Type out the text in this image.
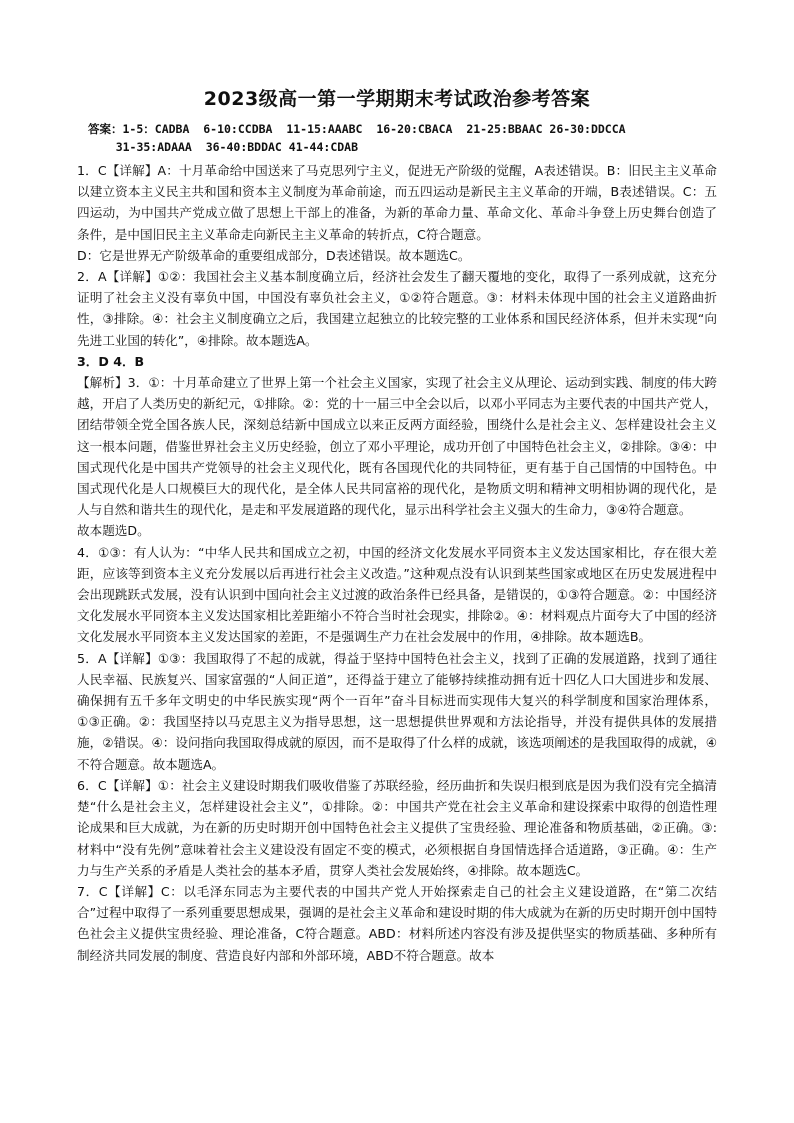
2023级高一第一学期期末考试政治参考答案
答案：1-5：CADBA  6-10:CCDBA  11-15:AAABC  16-20:CBACA  21-25:BBAAC 26-30:DDCCA
31-35:ADAAA  36-40:BDDAC 41-44:CDAB

1．C【详解】A：十月革命给中国送来了马克思列宁主义，促进无产阶级的觉醒，A表述错误。B：旧民主主义革命以建立资本主义民主共和国和资本主义制度为革命前途，而五四运动是新民主主义革命的开端，B表述错误。C：五四运动，为中国共产党成立做了思想上干部上的准备，为新的革命力量、革命文化、革命斗争登上历史舞台创造了条件，是中国旧民主主义革命走向新民主主义革命的转折点，C符合题意。

D：它是世界无产阶级革命的重要组成部分，D表述错误。故本题选C。

2．A【详解】①②：我国社会主义基本制度确立后，经济社会发生了翻天覆地的变化，取得了一系列成就，这充分证明了社会主义没有辜负中国，中国没有辜负社会主义，①②符合题意。③：材料未体现中国的社会主义道路曲折性，③排除。④：社会主义制度确立之后，我国建立起独立的比较完整的工业体系和国民经济体系，但并未实现“向先进工业国的转化”，④排除。故本题选A。

3．D 4．B

【解析】3．①：十月革命建立了世界上第一个社会主义国家，实现了社会主义从理论、运动到实践、制度的伟大跨越，开启了人类历史的新纪元，①排除。②：党的十一届三中全会以后，以邓小平同志为主要代表的中国共产党人，团结带领全党全国各族人民，深刻总结新中国成立以来正反两方面经验，围绕什么是社会主义、怎样建设社会主义这一根本问题，借鉴世界社会主义历史经验，创立了邓小平理论，成功开创了中国特色社会主义，②排除。③④：中国式现代化是中国共产党领导的社会主义现代化，既有各国现代化的共同特征，更有基于自己国情的中国特色。中国式现代化是人口规模巨大的现代化，是全体人民共同富裕的现代化，是物质文明和精神文明相协调的现代化，是人与自然和谐共生的现代化，是走和平发展道路的现代化，显示出科学社会主义强大的生命力，③④符合题意。

故本题选D。

4．①③：有人认为：“中华人民共和国成立之初，中国的经济文化发展水平同资本主义发达国家相比，存在很大差距，应该等到资本主义充分发展以后再进行社会主义改造。”这种观点没有认识到某些国家或地区在历史发展进程中会出现跳跃式发展，没有认识到中国向社会主义过渡的政治条件已经具备，是错误的，①③符合题意。②：中国经济文化发展水平同资本主义发达国家相比差距缩小不符合当时社会现实，排除②。④：材料观点片面夸大了中国的经济文化发展水平同资本主义发达国家的差距，不是强调生产力在社会发展中的作用，④排除。故本题选B。

5．A【详解】①③：我国取得了不起的成就，得益于坚持中国特色社会主义，找到了正确的发展道路，找到了通往人民幸福、民族复兴、国家富强的“人间正道”，还得益于建立了能够持续推动拥有近十四亿人口大国进步和发展、确保拥有五千多年文明史的中华民族实现“两个一百年”奋斗目标进而实现伟大复兴的科学制度和国家治理体系，①③正确。②：我国坚持以马克思主义为指导思想，这一思想提供世界观和方法论指导，并没有提供具体的发展措施，②错误。④：设问指向我国取得成就的原因，而不是取得了什么样的成就，该选项阐述的是我国取得的成就，④不符合题意。故本题选A。

6．C【详解】①：社会主义建设时期我们吸收借鉴了苏联经验，经历曲折和失误归根到底是因为我们没有完全搞清楚“什么是社会主义，怎样建设社会主义”，①排除。②：中国共产党在社会主义革命和建设探索中取得的创造性理论成果和巨大成就，为在新的历史时期开创中国特色社会主义提供了宝贵经验、理论准备和物质基础，②正确。③:材料中“没有先例”意味着社会主义建设没有固定不变的模式，必须根据自身国情选择合适道路，③正确。④：生产力与生产关系的矛盾是人类社会的基本矛盾，贯穿人类社会发展始终，④排除。故本题选C。

7．C【详解】C：以毛泽东同志为主要代表的中国共产党人开始探索走自己的社会主义建设道路，在“第二次结合”过程中取得了一系列重要思想成果，强调的是社会主义革命和建设时期的伟大成就为在新的历史时期开创中国特色社会主义提供宝贵经验、理论准备，C符合题意。ABD：材料所述内容没有涉及提供坚实的物质基础、多种所有制经济共同发展的制度、营造良好内部和外部环境，ABD不符合题意。故本
